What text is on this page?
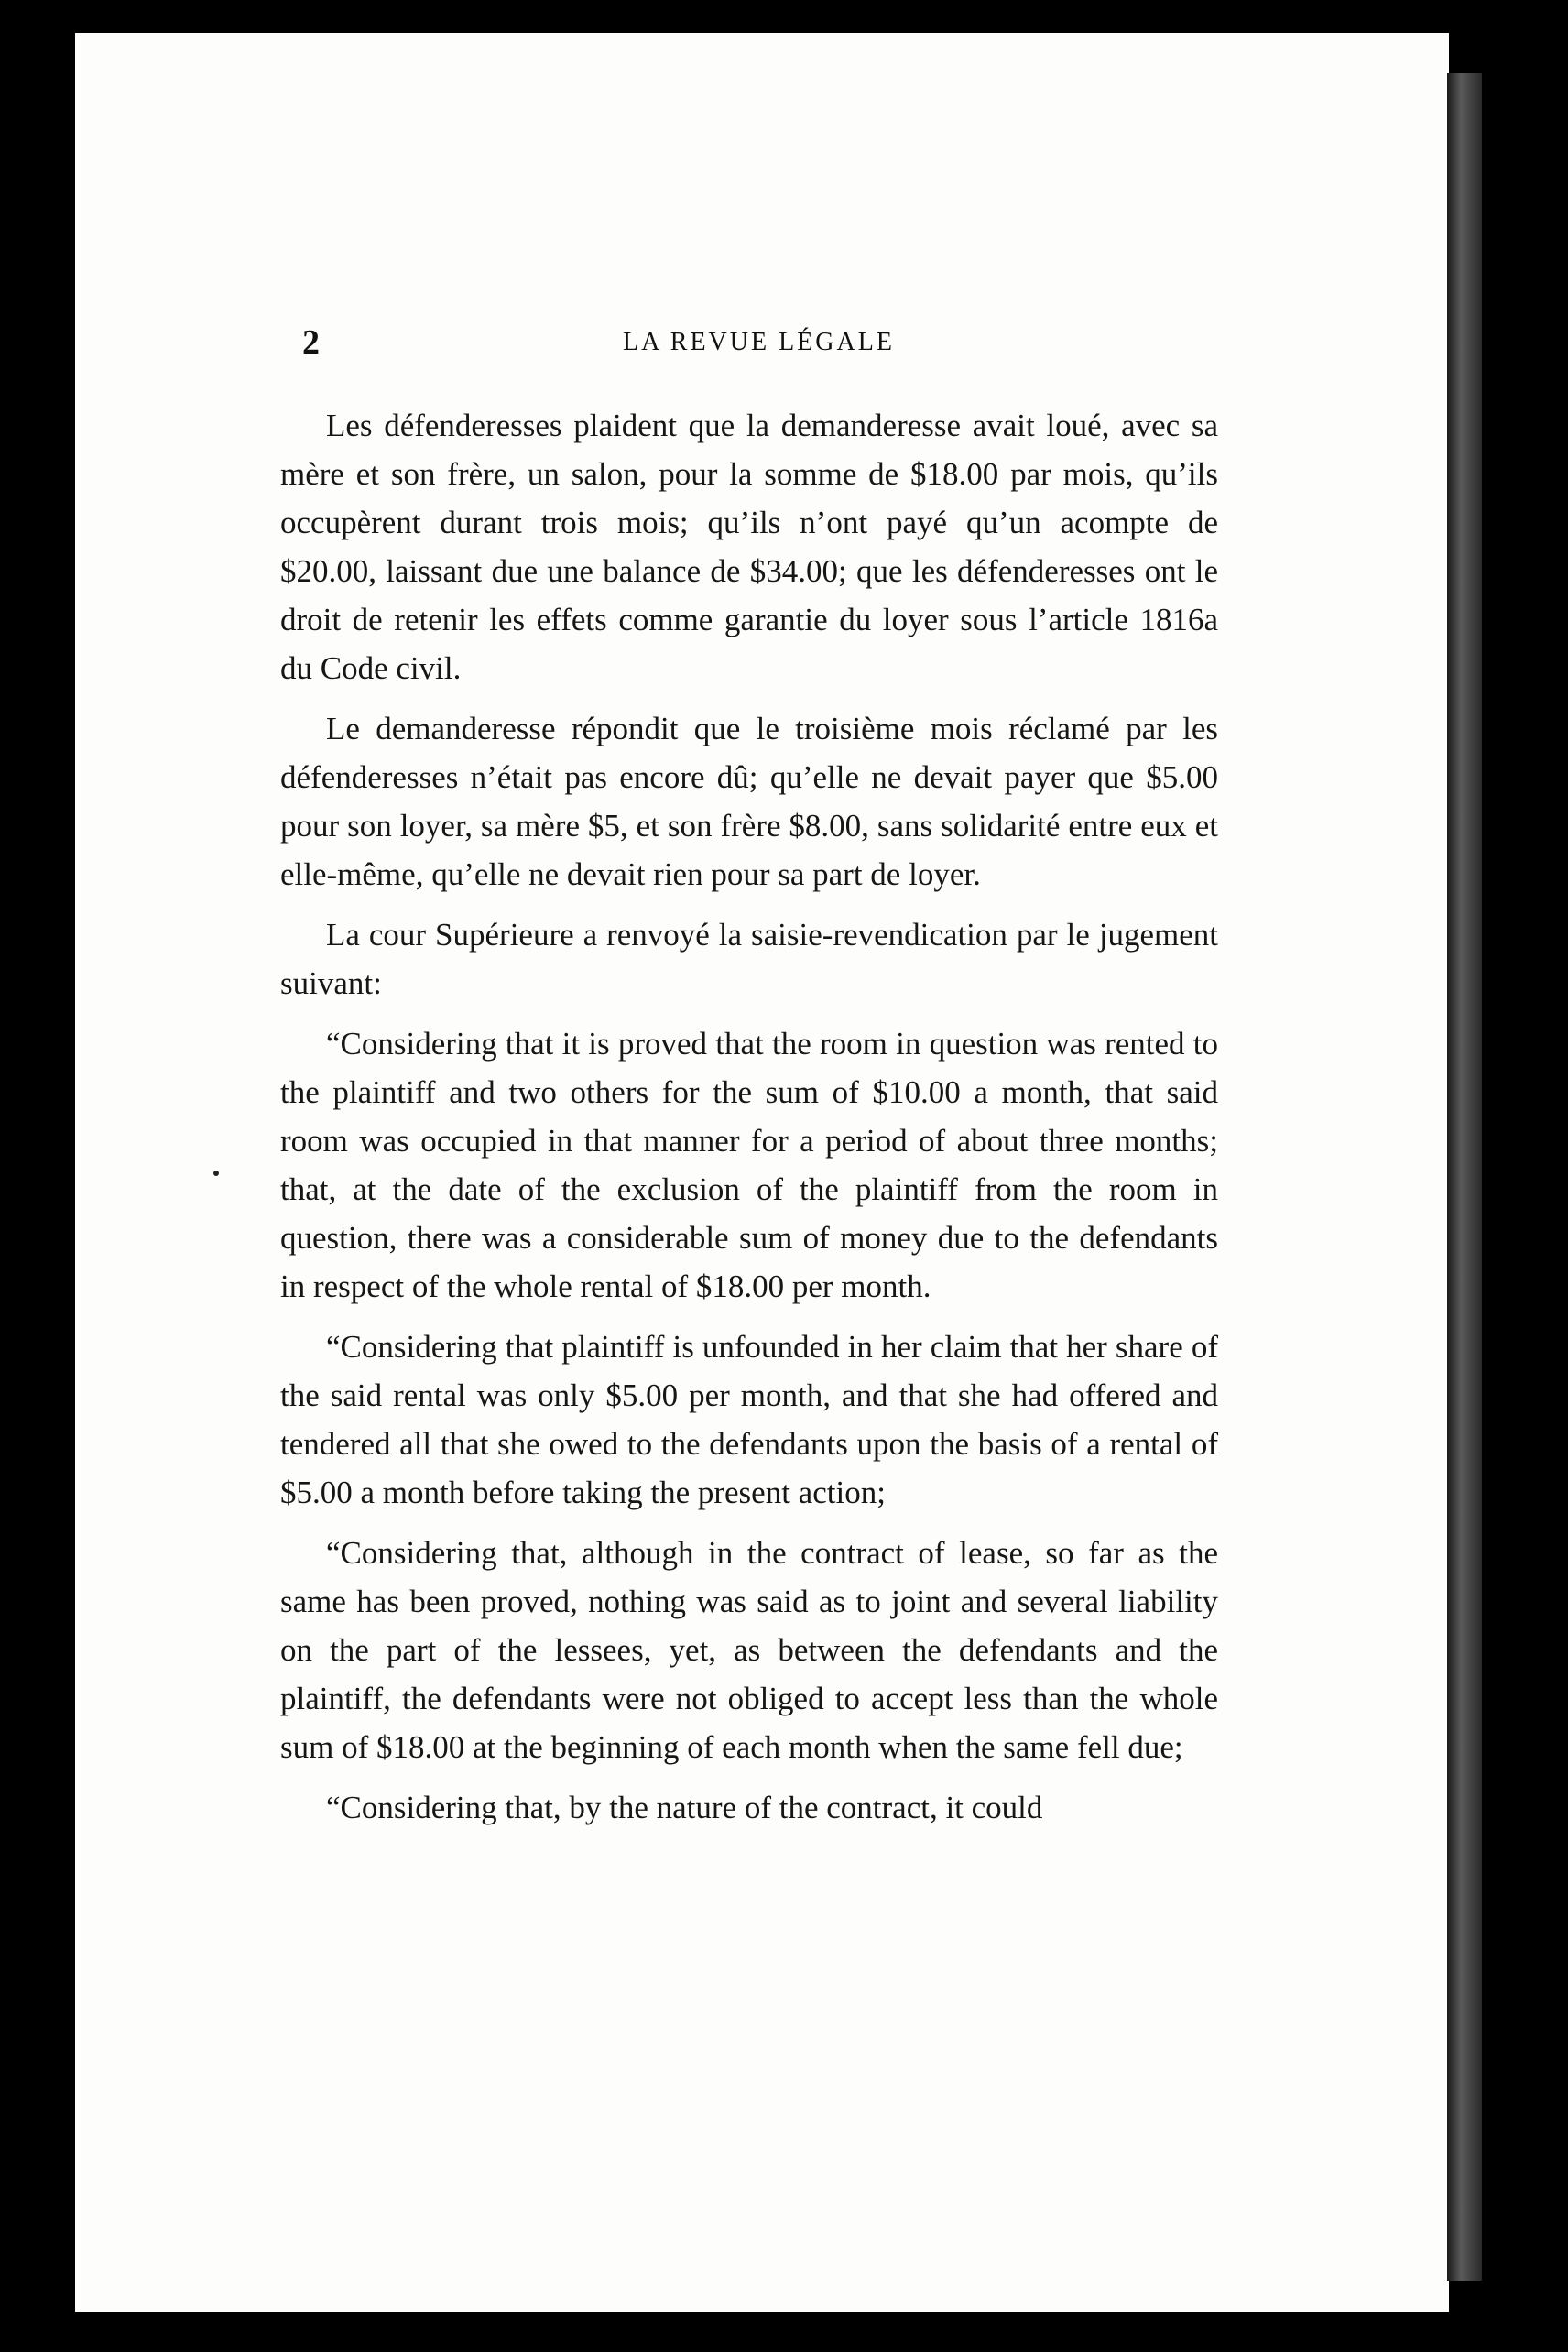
2	LA REVUE LÉGALE

Les défenderesses plaident que la demanderesse avait loué, avec sa mère et son frère, un salon, pour la somme de $18.00 par mois, qu’ils occupèrent durant trois mois; qu’ils n’ont payé qu’un acompte de $20.00, laissant due une balance de $34.00; que les défenderesses ont le droit de retenir les effets comme garantie du loyer sous l’article 1816a du Code civil.

Le demanderesse répondit que le troisième mois réclamé par les défenderesses n’était pas encore dû; qu’elle ne devait payer que $5.00 pour son loyer, sa mère $5, et son frère $8.00, sans solidarité entre eux et elle-même, qu’elle ne devait rien pour sa part de loyer.

La cour Supérieure a renvoyé la saisie-revendication par le jugement suivant:

“Considering that it is proved that the room in question was rented to the plaintiff and two others for the sum of $10.00 a month, that said room was occupied in that manner for a period of about three months; that, at the date of the exclusion of the plaintiff from the room in question, there was a considerable sum of money due to the defendants in respect of the whole rental of $18.00 per month.

“Considering that plaintiff is unfounded in her claim that her share of the said rental was only $5.00 per month, and that she had offered and tendered all that she owed to the defendants upon the basis of a rental of $5.00 a month before taking the present action;

“Considering that, although in the contract of lease, so far as the same has been proved, nothing was said as to joint and several liability on the part of the lessees, yet, as between the defendants and the plaintiff, the defendants were not obliged to accept less than the whole sum of $18.00 at the beginning of each month when the same fell due;

“Considering that, by the nature of the contract, it could
